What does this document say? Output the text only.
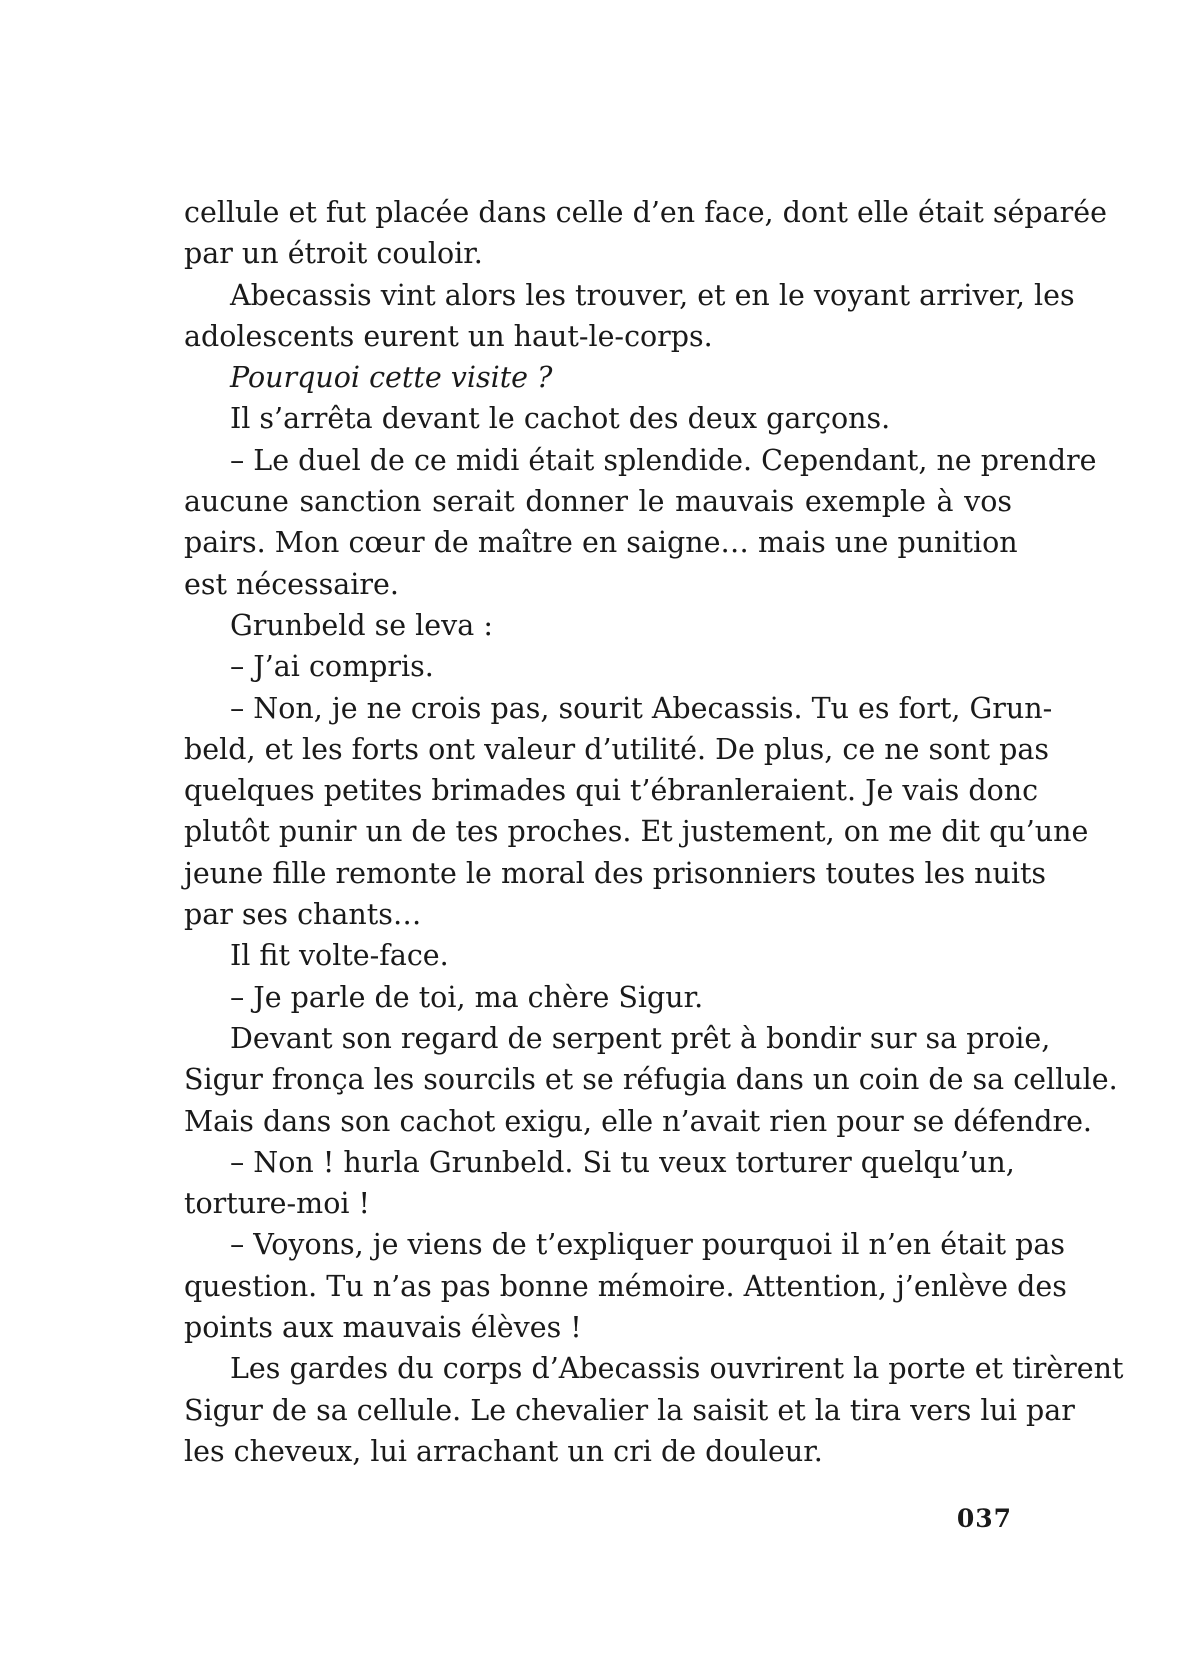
cellule et fut placée dans celle d’en face, dont elle était séparée
par un étroit couloir.
Abecassis vint alors les trouver, et en le voyant arriver, les
adolescents eurent un haut-le-corps.
Pourquoi cette visite ?
Il s’arrêta devant le cachot des deux garçons.
– Le duel de ce midi était splendide. Cependant, ne prendre
aucune sanction serait donner le mauvais exemple à vos
pairs. Mon cœur de maître en saigne… mais une punition
est nécessaire.
Grunbeld se leva :
– J’ai compris.
– Non, je ne crois pas, sourit Abecassis. Tu es fort, Grun-
beld, et les forts ont valeur d’utilité. De plus, ce ne sont pas
quelques petites brimades qui t’ébranleraient. Je vais donc
plutôt punir un de tes proches. Et justement, on me dit qu’une
jeune fille remonte le moral des prisonniers toutes les nuits
par ses chants…
Il fit volte-face.
– Je parle de toi, ma chère Sigur.
Devant son regard de serpent prêt à bondir sur sa proie,
Sigur fronça les sourcils et se réfugia dans un coin de sa cellule.
Mais dans son cachot exigu, elle n’avait rien pour se défendre.
– Non ! hurla Grunbeld. Si tu veux torturer quelqu’un,
torture-moi !
– Voyons, je viens de t’expliquer pourquoi il n’en était pas
question. Tu n’as pas bonne mémoire. Attention, j’enlève des
points aux mauvais élèves !
Les gardes du corps d’Abecassis ouvrirent la porte et tirèrent
Sigur de sa cellule. Le chevalier la saisit et la tira vers lui par
les cheveux, lui arrachant un cri de douleur.
037
